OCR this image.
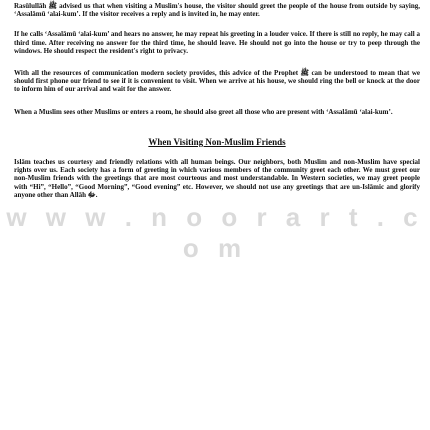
Rasūlullāh ﷺ advised us that when visiting a Muslim's house, the visitor should greet the people of the house from outside by saying, ‘Assalāmū ‘alai-kum’. If the visitor receives a reply and is invited in, he may enter.

If he calls ‘Assalāmū ‘alai-kum’ and hears no answer, he may repeat his greeting in a louder voice. If there is still no reply, he may call a third time. After receiving no answer for the third time, he should leave. He should not go into the house or try to peep through the windows. He should respect the resident's right to privacy.

With all the resources of communication modern society provides, this advice of the Prophet ﷺ can be understood to mean that we should first phone our friend to see if it is convenient to visit. When we arrive at his house, we should ring the bell or knock at the door to inform him of our arrival and wait for the answer.

When a Muslim sees other Muslims or enters a room, he should also greet all those who are present with ‘Assalāmū ‘alai-kum’.

When Visiting Non-Muslim Friends

Islām teaches us courtesy and friendly relations with all human beings. Our neighbors, both Muslim and non-Muslim have special rights over us. Each society has a form of greeting in which various members of the community greet each other. We must greet our non-Muslim friends with the greetings that are most courteous and most understandable. In Western societies, we may greet people with “Hi”, “Hello”, “Good Morning”, “Good evening” etc. However, we should not use any greetings that are un-Islāmic and glorify anyone other than Allāh ﷻ.

w w w . n o o r a r t . c o m
